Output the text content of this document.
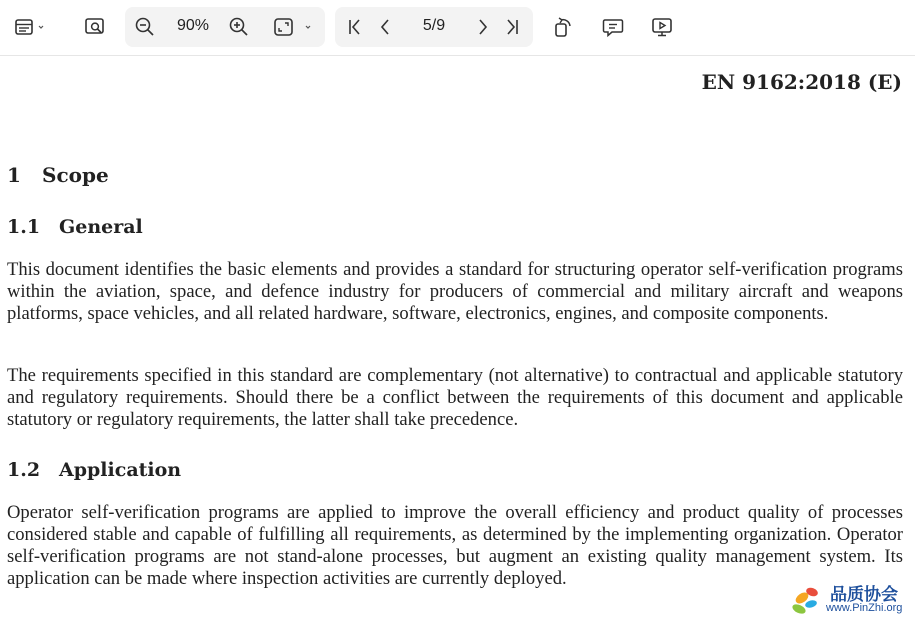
90%	5/9
EN 9162:2018 (E)
1 Scope
1.1 General
This document identifies the basic elements and provides a standard for structuring operator self-verification programs within the aviation, space, and defence industry for producers of commercial and military aircraft and weapons platforms, space vehicles, and all related hardware, software, electronics, engines, and composite components.
The requirements specified in this standard are complementary (not alternative) to contractual and applicable statutory and regulatory requirements. Should there be a conflict between the requirements of this document and applicable statutory or regulatory requirements, the latter shall take precedence.
1.2 Application
Operator self-verification programs are applied to improve the overall efficiency and product quality of processes considered stable and capable of fulfilling all requirements, as determined by the implementing organization. Operator self-verification programs are not stand-alone processes, but augment an existing quality management system. Its application can be made where inspection activities are currently deployed.
品质协会
www.PinZhi.org
